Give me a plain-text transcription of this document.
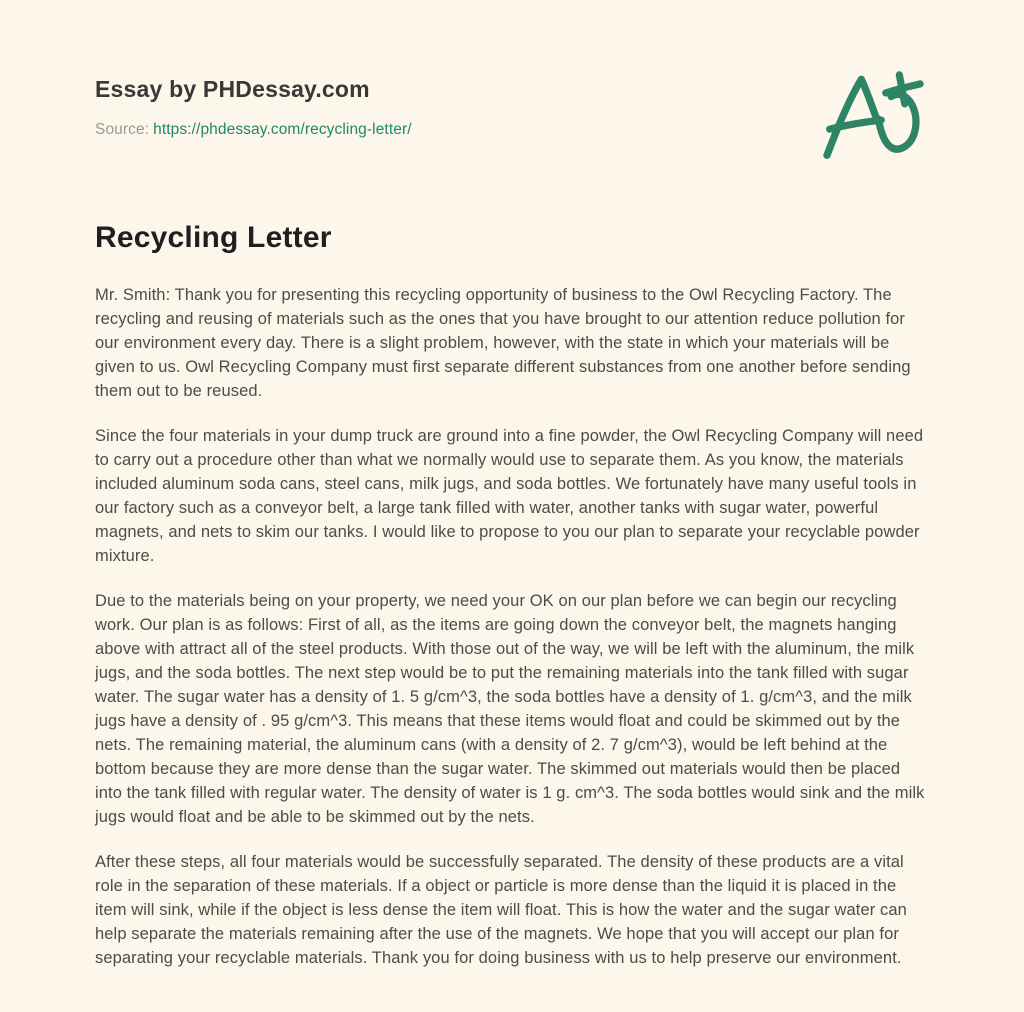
Essay by PHDessay.com
Source: https://phdessay.com/recycling-letter/
Recycling Letter

Mr. Smith: Thank you for presenting this recycling opportunity of business to the Owl Recycling Factory. The recycling and reusing of materials such as the ones that you have brought to our attention reduce pollution for our environment every day. There is a slight problem, however, with the state in which your materials will be given to us. Owl Recycling Company must first separate different substances from one another before sending them out to be reused.

Since the four materials in your dump truck are ground into a fine powder, the Owl Recycling Company will need to carry out a procedure other than what we normally would use to separate them. As you know, the materials included aluminum soda cans, steel cans, milk jugs, and soda bottles. We fortunately have many useful tools in our factory such as a conveyor belt, a large tank filled with water, another tanks with sugar water, powerful magnets, and nets to skim our tanks. I would like to propose to you our plan to separate your recyclable powder mixture.

Due to the materials being on your property, we need your OK on our plan before we can begin our recycling work. Our plan is as follows: First of all, as the items are going down the conveyor belt, the magnets hanging above with attract all of the steel products. With those out of the way, we will be left with the aluminum, the milk jugs, and the soda bottles. The next step would be to put the remaining materials into the tank filled with sugar water. The sugar water has a density of 1. 5 g/cm^3, the soda bottles have a density of 1. g/cm^3, and the milk jugs have a density of . 95 g/cm^3. This means that these items would float and could be skimmed out by the nets. The remaining material, the aluminum cans (with a density of 2. 7 g/cm^3), would be left behind at the bottom because they are more dense than the sugar water. The skimmed out materials would then be placed into the tank filled with regular water. The density of water is 1 g. cm^3. The soda bottles would sink and the milk jugs would float and be able to be skimmed out by the nets.

After these steps, all four materials would be successfully separated. The density of these products are a vital role in the separation of these materials. If a object or particle is more dense than the liquid it is placed in the item will sink, while if the object is less dense the item will float. This is how the water and the sugar water can help separate the materials remaining after the use of the magnets. We hope that you will accept our plan for separating your recyclable materials. Thank you for doing business with us to help preserve our environment.
